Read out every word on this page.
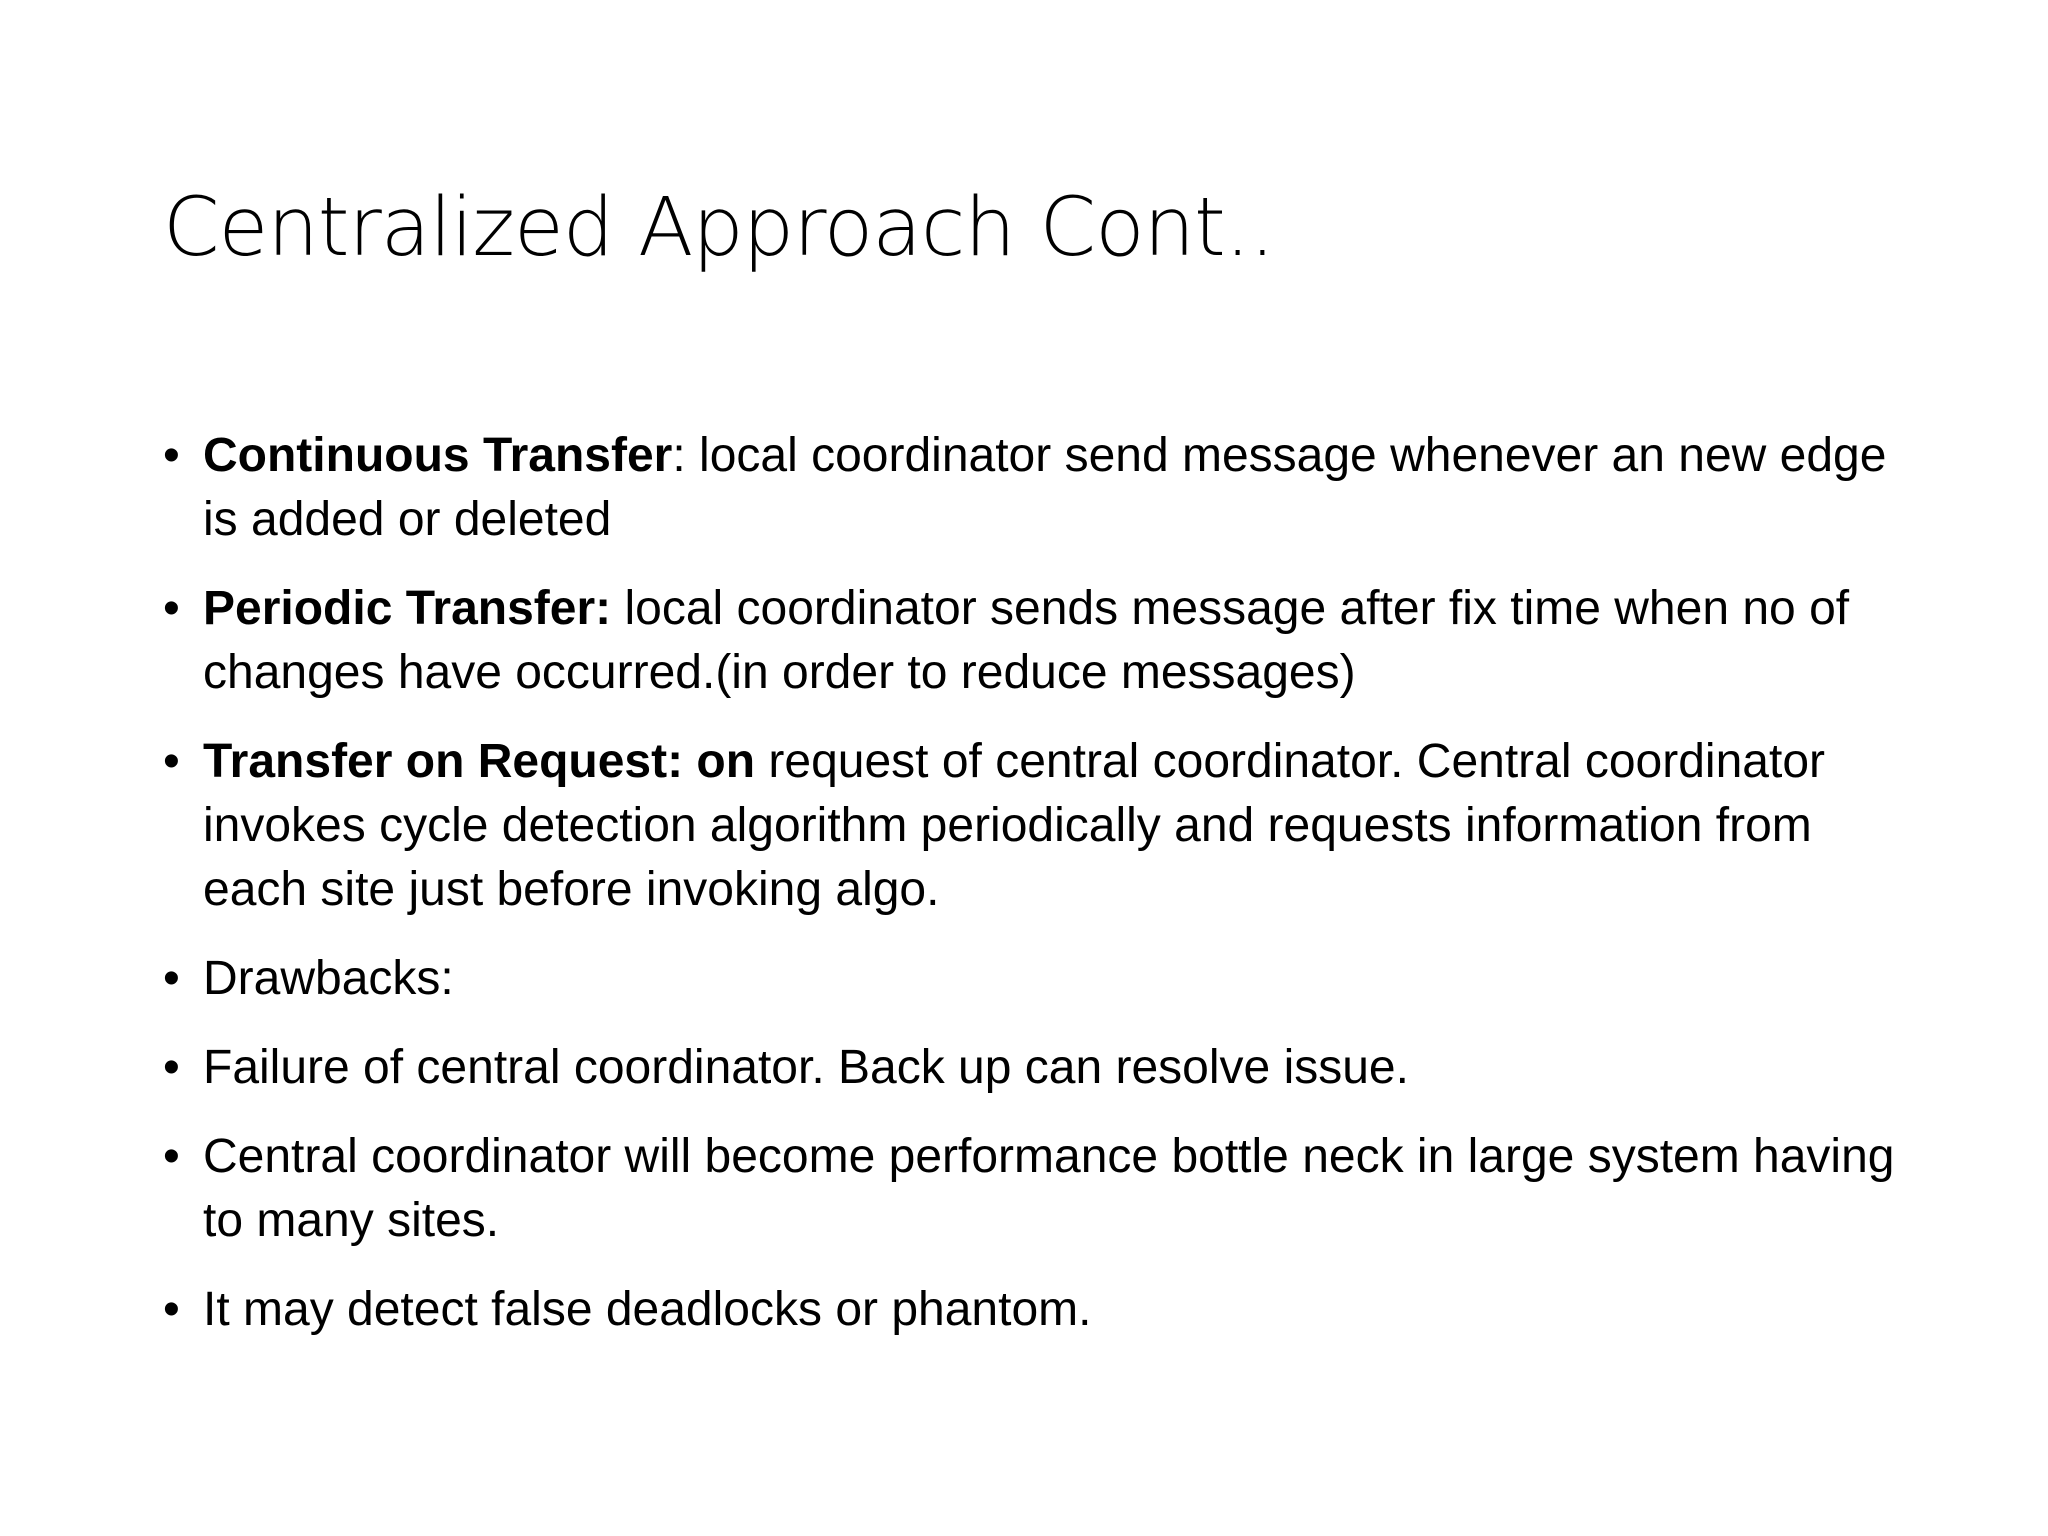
Centralized Approach Cont..
• Continuous Transfer: local coordinator send message whenever an new edge is added or deleted
• Periodic Transfer: local coordinator sends message after fix time when no of changes have occurred.(in order to reduce messages)
• Transfer on Request: on request of central coordinator. Central coordinator invokes cycle detection algorithm periodically and requests information from each site just before invoking algo.
• Drawbacks:
• Failure of central coordinator. Back up can resolve issue.
• Central coordinator will become performance bottle neck in large system having to many sites.
• It may detect false deadlocks or phantom.
